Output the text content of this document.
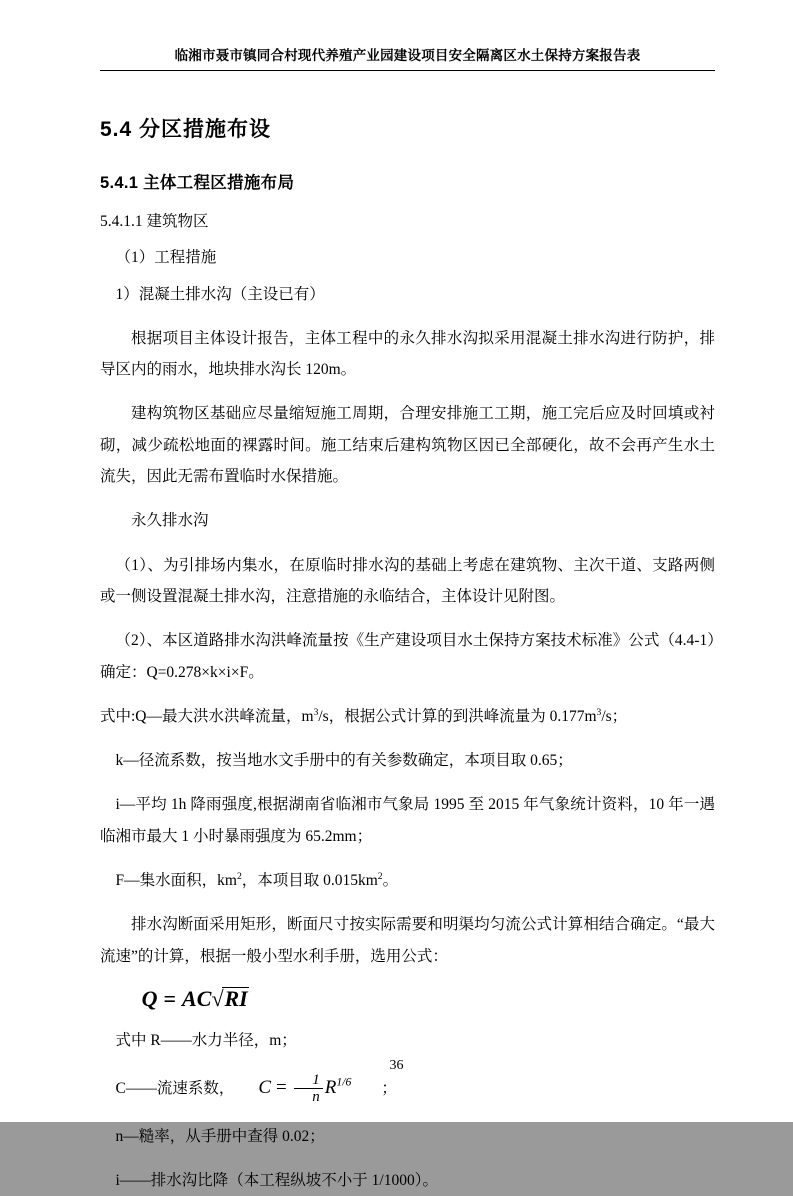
临湘市聂市镇同合村现代养殖产业园建设项目安全隔离区水土保持方案报告表
5.4 分区措施布设
5.4.1 主体工程区措施布局

5.4.1.1 建筑物区

（1）工程措施

1）混凝土排水沟（主设已有）

根据项目主体设计报告，主体工程中的永久排水沟拟采用混凝土排水沟进行防护，排导区内的雨水，地块排水沟长 120m。

建构筑物区基础应尽量缩短施工周期，合理安排施工工期，施工完后应及时回填或衬砌，减少疏松地面的裸露时间。施工结束后建构筑物区因已全部硬化，故不会再产生水土流失，因此无需布置临时水保措施。

永久排水沟

（1）、为引排场内集水，在原临时排水沟的基础上考虑在建筑物、主次干道、支路两侧或一侧设置混凝土排水沟，注意措施的永临结合，主体设计见附图。

（2）、本区道路排水沟洪峰流量按《生产建设项目水土保持方案技术标准》公式（4.4-1）确定：Q=0.278×k×i×F。

式中:Q—最大洪水洪峰流量，$m^3/s$，根据公式计算的到洪峰流量为 $0.177m^3/s$；

k—径流系数，按当地水文手册中的有关参数确定，本项目取 0.65；

i—平均 1h 降雨强度,根据湖南省临湘市气象局 1995 至 2015 年气象统计资料，10 年一遇临湘市最大 1 小时暴雨强度为 65.2mm；

F—集水面积，$km^2$，本项目取 $0.015km^2$。

排水沟断面采用矩形，断面尺寸按实际需要和明渠均匀流公式计算相结合确定。“最大流速”的计算，根据一般小型水利手册，选用公式：

Q = AC√
RI

式中 R——水力半径，m；

C——流速系数， $C = \frac{1}{n} R^{1/6}$ ；

n—糙率，从手册中查得 0.02；

i——排水沟比降（本工程纵坡不小于 1/1000）。

36
